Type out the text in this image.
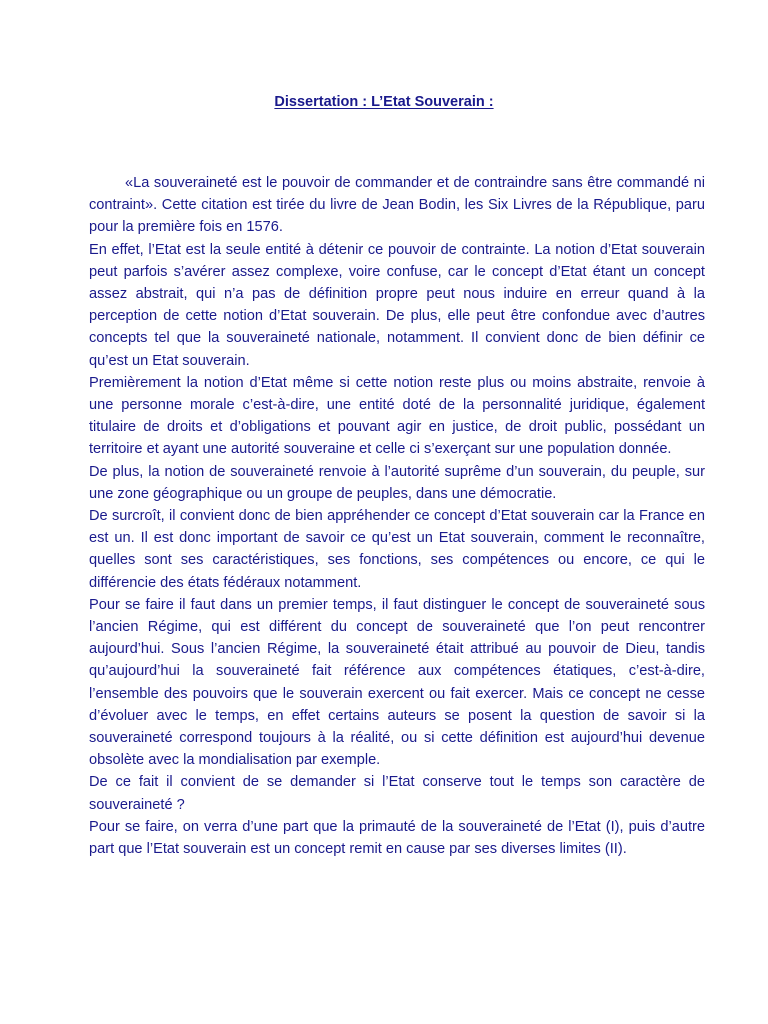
Dissertation : L’Etat Souverain :

«La souveraineté est le pouvoir de commander et de contraindre sans être commandé ni contraint». Cette citation est tirée du livre de Jean Bodin, les Six Livres de la République, paru pour la première fois en 1576.

En effet, l’Etat est la seule entité à détenir ce pouvoir de contrainte. La notion d’Etat souverain peut parfois s’avérer assez complexe, voire confuse, car le concept d’Etat étant un concept assez abstrait, qui n’a pas de définition propre peut nous induire en erreur quand à la perception de cette notion d’Etat souverain. De plus, elle peut être confondue avec d’autres concepts tel que la souveraineté nationale, notamment. Il convient donc de bien définir ce qu’est un Etat souverain.

Premièrement la notion d’Etat même si cette notion reste plus ou moins abstraite, renvoie à une personne morale c’est-à-dire, une entité doté de la personnalité juridique, également titulaire de droits et d’obligations et pouvant agir en justice, de droit public, possédant un territoire et ayant une autorité souveraine et celle ci s’exerçant sur une population donnée.

De plus, la notion de souveraineté renvoie à l’autorité suprême d’un souverain, du peuple, sur une zone géographique ou un groupe de peuples, dans une démocratie.

De surcroît, il convient donc de bien appréhender ce concept d’Etat souverain car la France en est un. Il est donc important de savoir ce qu’est un Etat souverain, comment le reconnaître, quelles sont ses caractéristiques, ses fonctions, ses compétences ou encore, ce qui le différencie des états fédéraux notamment.

Pour se faire il faut dans un premier temps, il faut distinguer le concept de souveraineté sous l’ancien Régime, qui est différent du concept de souveraineté que l’on peut rencontrer aujourd’hui. Sous l’ancien Régime, la souveraineté était attribué au pouvoir de Dieu, tandis qu’aujourd’hui la souveraineté fait référence aux compétences étatiques, c’est-à-dire, l’ensemble des pouvoirs que le souverain exercent ou fait exercer. Mais ce concept ne cesse d’évoluer avec le temps, en effet certains auteurs se posent la question de savoir si la souveraineté correspond toujours à la réalité, ou si cette définition est aujourd’hui devenue obsolète avec la mondialisation par exemple.

De ce fait il convient de se demander si l’Etat conserve tout le temps son caractère de souveraineté ?

Pour se faire, on verra d’une part que la primauté de la souveraineté de l’Etat (I), puis d’autre part que l’Etat souverain est un concept remit en cause par ses diverses limites (II).
